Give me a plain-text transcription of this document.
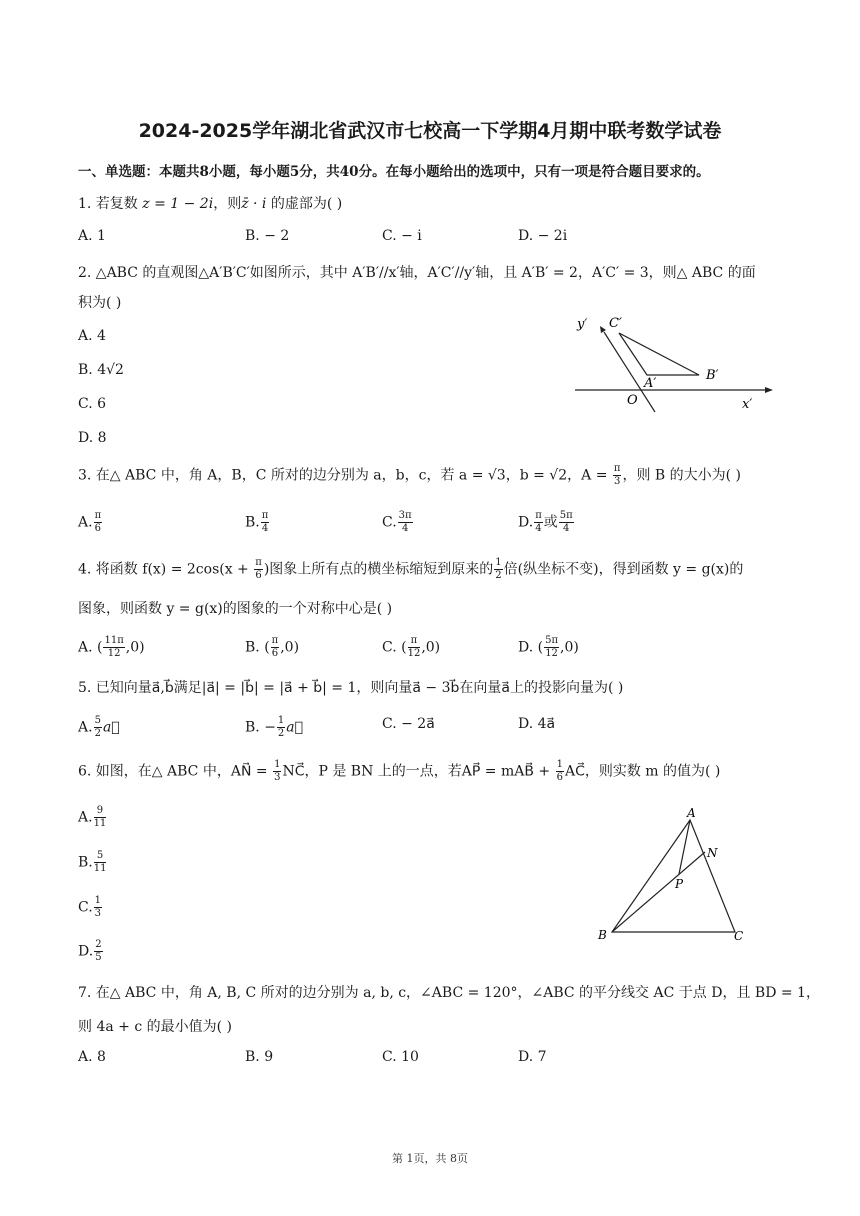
2024-2025学年湖北省武汉市七校高一下学期4月期中联考数学试卷
一、单选题：本题共8小题，每小题5分，共40分。在每小题给出的选项中，只有一项是符合题目要求的。
1. 若复数 z = 1 − 2i，则z̄ · i 的虚部为( )
A. 1	B. − 2	C. − i	D. − 2i
2. △ABC 的直观图△A′B′C′如图所示，其中 A′B′//x′轴，A′C′//y′轴，且 A′B′ = 2，A′C′ = 3，则△ ABC 的面
积为( )
A. 4
B. 4√2
C. 6
D. 8
y′ C′
B′
A′
O	x′
3. 在△ ABC 中，角 A，B，C 所对的边分别为 a，b，c，若 a = √3，b = √2，$A = \frac{\pi}{3}$ ，则 B 的大小为( )
A. $\frac{\pi}{6}$	B. $\frac{\pi}{4}$	C. $\frac{3\pi}{4}$	D. $\frac{\pi}{4}$ 或 $\frac{5\pi}{4}$
4. 将函数 $f(x) = 2\cos(x + \frac{\pi}{6}$ )图象上所有点的横坐标缩短到原来的 $\frac{1}{2}$ 倍(纵坐标不变)，得到函数 y = g(x)的
图象，则函数 y = g(x)的图象的一个对称中心是( )
A. ( $\frac{11\pi}{12} ,0$)	B. ( $\frac{\pi}{6} ,0$)	C. ( $\frac{\pi}{12} ,0$)	D. ( $\frac{5\pi}{12} ,0$)
5. 已知向量a⃗,b⃗满足|a⃗| = |b⃗| = |a⃗ + b⃗| = 1，则向量a⃗ − 3b⃗在向量a⃗上的投影向量为( )
A. $\frac{5}{2}$ a⃗	B. − $\frac{1}{2}$ a⃗	C. − 2a⃗	D. 4a⃗
6. 如图，在△ ABC 中，AN⃗ = $\frac{1}{3}$ NC⃗，P 是 BN 上的一点，若AP⃗ = mAB⃗ + $\frac{1}{6}$ AC⃗，则实数 m 的值为( )
A. $\frac{9}{11}$
B. $\frac{5}{11}$
C. $\frac{1}{3}$
D. $\frac{2}{5}$
A
N
P
B	C
7. 在△ ABC 中，角 A, B, C 所对的边分别为 a, b, c，∠ABC = 120°，∠ABC 的平分线交 AC 于点 D，且 BD = 1，
则 4a + c 的最小值为( )
A. 8	B. 9	C. 10	D. 7
第 1页，共 8页
